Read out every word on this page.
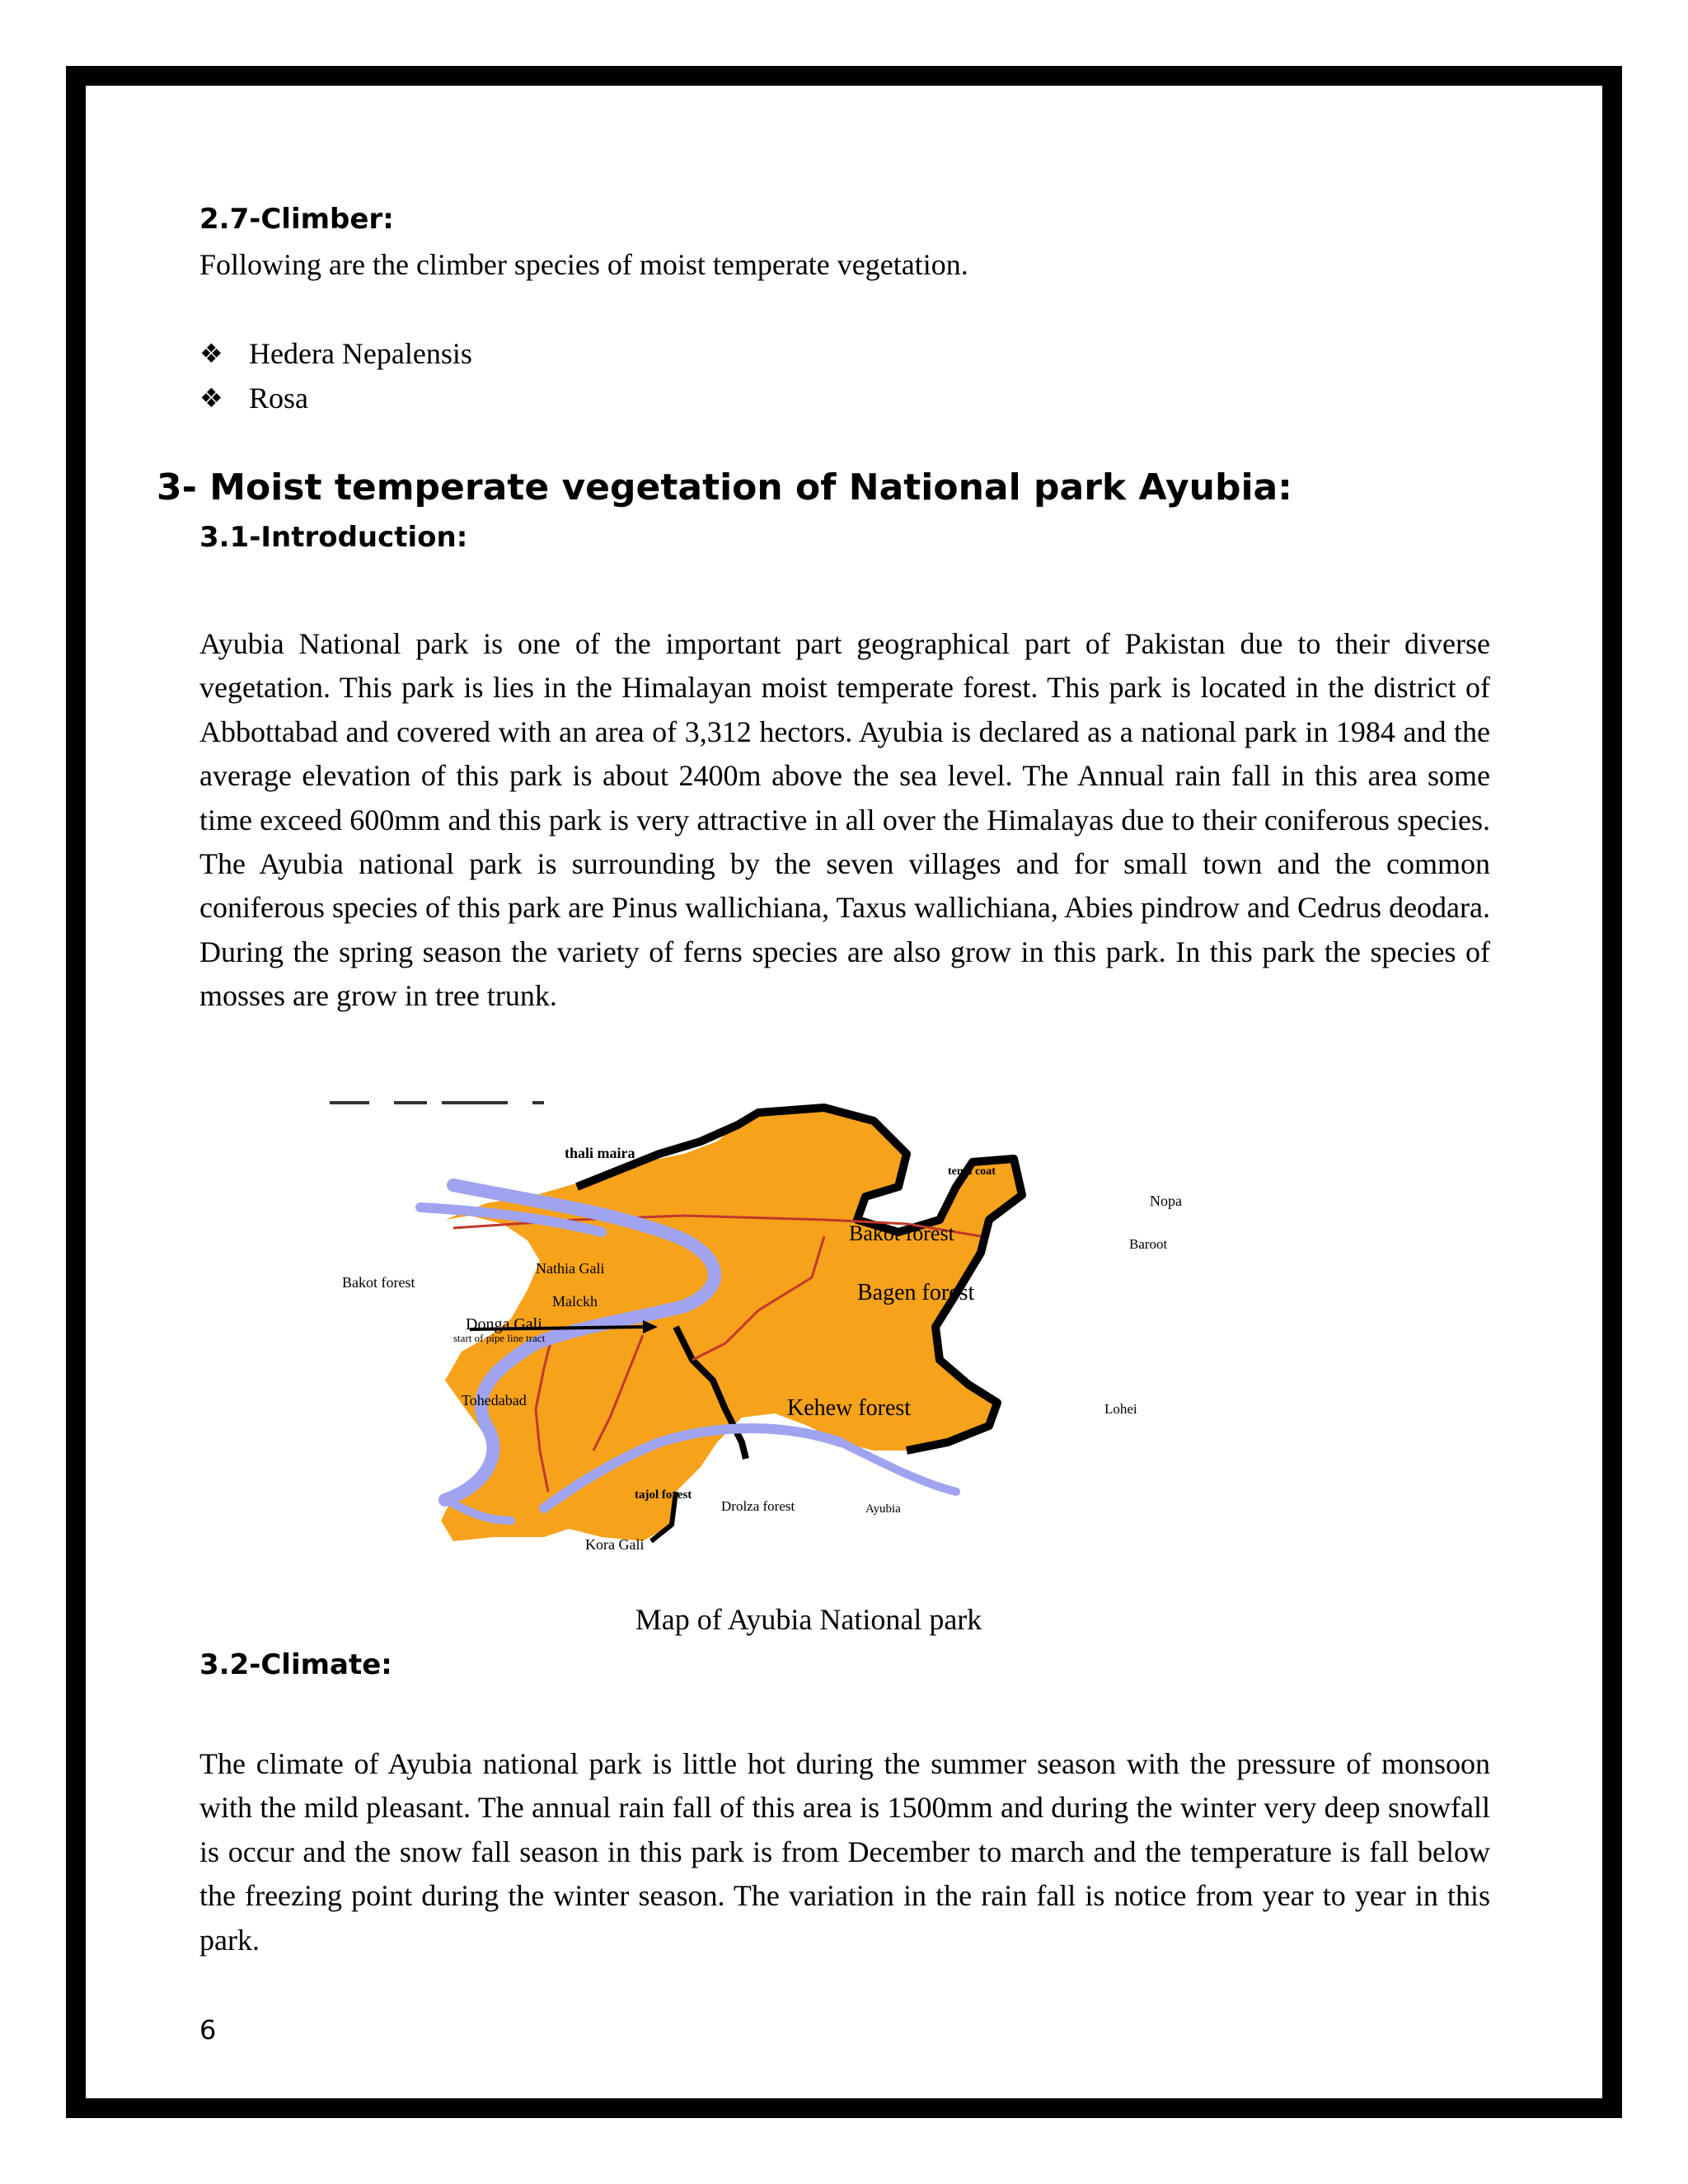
2.7-Climber:
Following are the climber species of moist temperate vegetation.
❖ Hedera Nepalensis
❖ Rosa
3- Moist temperate vegetation of National park Ayubia:
3.1-Introduction:
Ayubia National park is one of the important part geographical part of Pakistan due to their diverse vegetation. This park is lies in the Himalayan moist temperate forest. This park is located in the district of Abbottabad and covered with an area of 3,312 hectors. Ayubia is declared as a national park in 1984 and the average elevation of this park is about 2400m above the sea level. The Annual rain fall in this area some time exceed 600mm and this park is very attractive in all over the Himalayas due to their coniferous species. The Ayubia national park is surrounding by the seven villages and for small town and the common coniferous species of this park are Pinus wallichiana, Taxus wallichiana, Abies pindrow and Cedrus deodara. During the spring season the variety of ferns species are also grow in this park. In this park the species of mosses are grow in tree trunk.
thali maira
tenal coat
Nopa
Baroot
Bakot forest
Bagen forest
Nathia Gali
Malckh
Bakot forest
Donga Gali
start of pipe line tract
Tohedabad	Kehew forest	Lohei
tajol forest
Drolza forest	Ayubia
Kora Gali
Map of Ayubia National park
3.2-Climate:
The climate of Ayubia national park is little hot during the summer season with the pressure of monsoon with the mild pleasant. The annual rain fall of this area is 1500mm and during the winter very deep snowfall is occur and the snow fall season in this park is from December to march and the temperature is fall below the freezing point during the winter season. The variation in the rain fall is notice from year to year in this park.
6
